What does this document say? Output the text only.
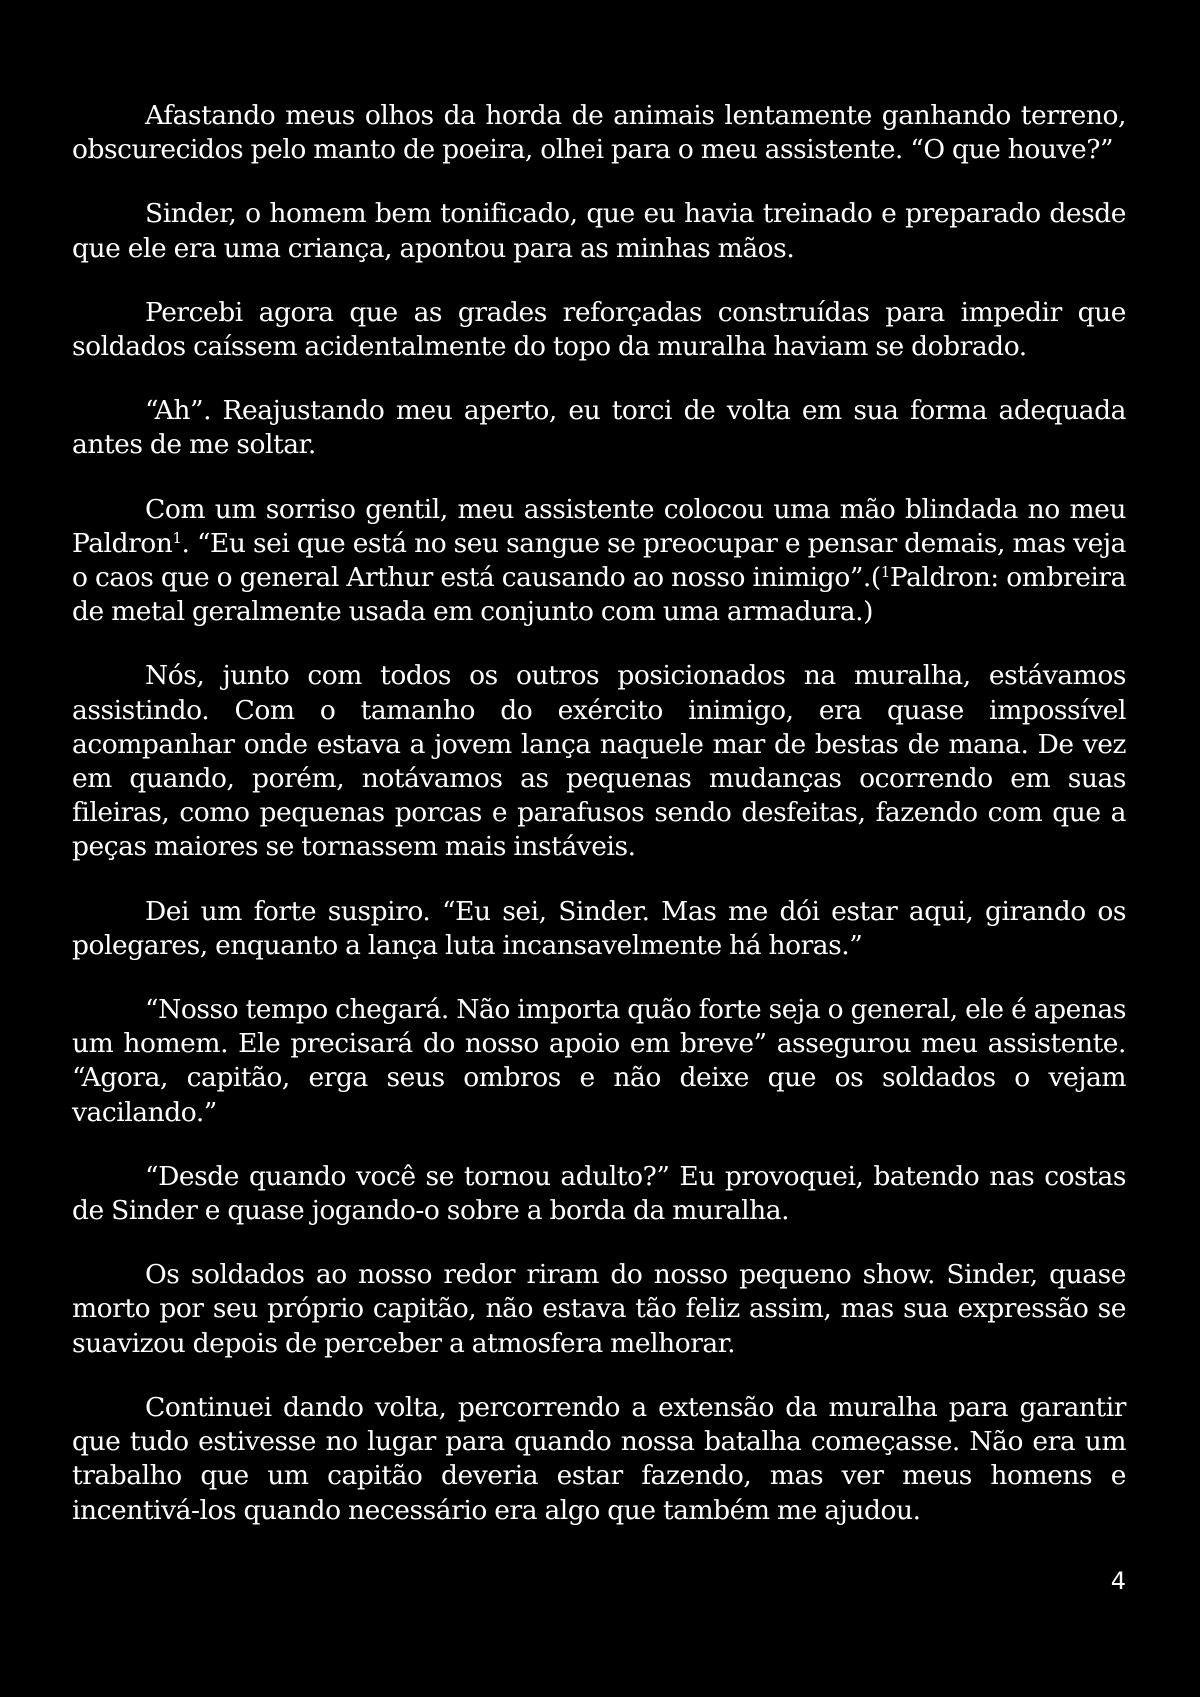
Afastando meus olhos da horda de animais lentamente ganhando terreno, obscurecidos pelo manto de poeira, olhei para o meu assistente. “O que houve?”

Sinder, o homem bem tonificado, que eu havia treinado e preparado desde que ele era uma criança, apontou para as minhas mãos.

Percebi agora que as grades reforçadas construídas para impedir que soldados caíssem acidentalmente do topo da muralha haviam se dobrado.

“Ah”. Reajustando meu aperto, eu torci de volta em sua forma adequada antes de me soltar.

Com um sorriso gentil, meu assistente colocou uma mão blindada no meu Paldron$^1$. “Eu sei que está no seu sangue se preocupar e pensar demais, mas veja o caos que o general Arthur está causando ao nosso inimigo”.($^1$Paldron: ombreira de metal geralmente usada em conjunto com uma armadura.)

Nós, junto com todos os outros posicionados na muralha, estávamos assistindo. Com o tamanho do exército inimigo, era quase impossível acompanhar onde estava a jovem lança naquele mar de bestas de mana. De vez em quando, porém, notávamos as pequenas mudanças ocorrendo em suas fileiras, como pequenas porcas e parafusos sendo desfeitas, fazendo com que a peças maiores se tornassem mais instáveis.

Dei um forte suspiro. “Eu sei, Sinder. Mas me dói estar aqui, girando os polegares, enquanto a lança luta incansavelmente há horas.”

“Nosso tempo chegará. Não importa quão forte seja o general, ele é apenas um homem. Ele precisará do nosso apoio em breve” assegurou meu assistente. “Agora, capitão, erga seus ombros e não deixe que os soldados o vejam vacilando.”

“Desde quando você se tornou adulto?” Eu provoquei, batendo nas costas de Sinder e quase jogando-o sobre a borda da muralha.

Os soldados ao nosso redor riram do nosso pequeno show. Sinder, quase morto por seu próprio capitão, não estava tão feliz assim, mas sua expressão se suavizou depois de perceber a atmosfera melhorar.

Continuei dando volta, percorrendo a extensão da muralha para garantir que tudo estivesse no lugar para quando nossa batalha começasse. Não era um trabalho que um capitão deveria estar fazendo, mas ver meus homens e incentivá-los quando necessário era algo que também me ajudou.

4
